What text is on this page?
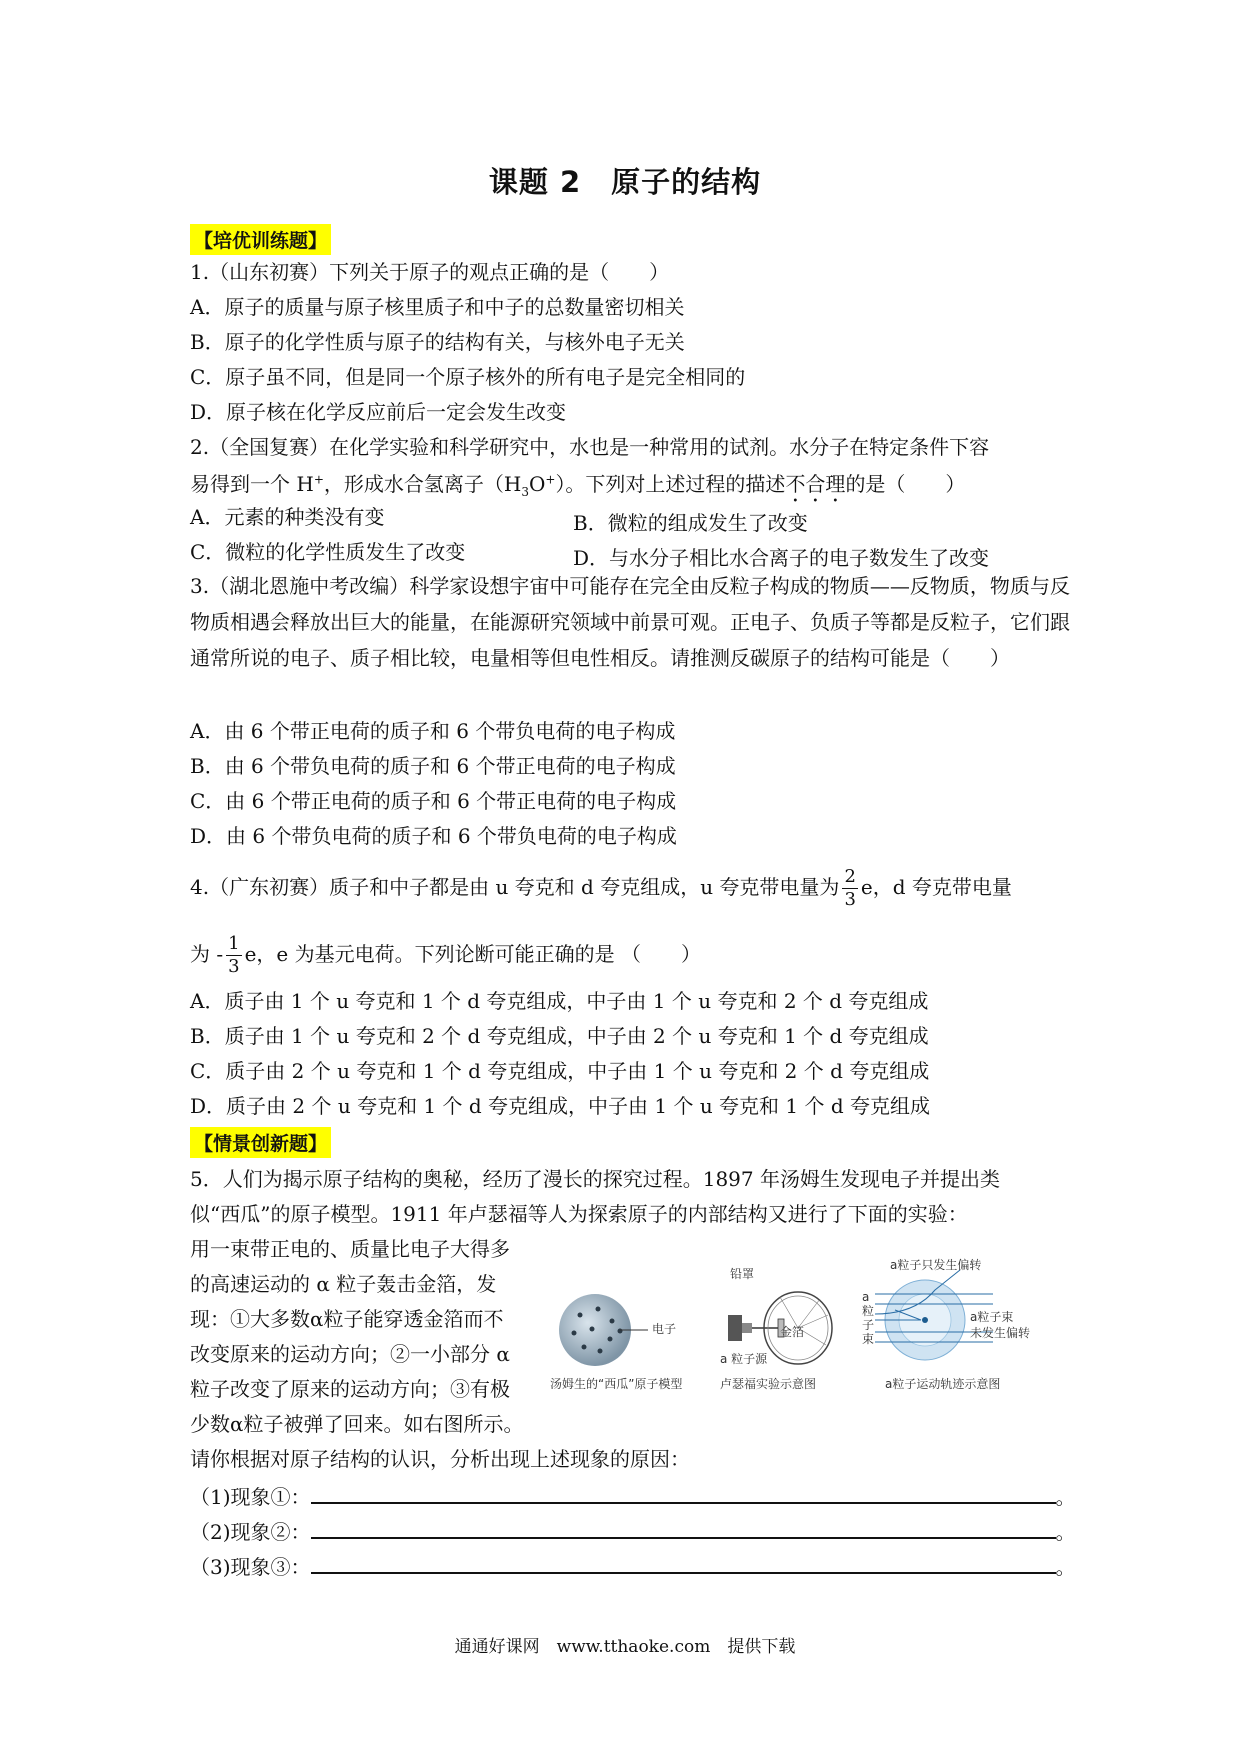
课题 2　原子的结构
【培优训练题】
1.（山东初赛）下列关于原子的观点正确的是（　　）
A．原子的质量与原子核里质子和中子的总数量密切相关
B．原子的化学性质与原子的结构有关，与核外电子无关
C．原子虽不同，但是同一个原子核外的所有电子是完全相同的
D．原子核在化学反应前后一定会发生改变
2.（全国复赛）在化学实验和科学研究中，水也是一种常用的试剂。水分子在特定条件下容
易得到一个 H+，形成水合氢离子$(H_3O^+)$。下列对上述过程的描述不合理的是（　　）
A．元素的种类没有变	B．微粒的组成发生了改变
C．微粒的化学性质发生了改变	D．与水分子相比水合离子的电子数发生了改变
3.（湖北恩施中考改编）科学家设想宇宙中可能存在完全由反粒子构成的物质——反物质，物质与反物质相遇会释放出巨大的能量，在能源研究领域中前景可观。正电子、负质子等都是反粒子，它们跟通常所说的电子、质子相比较，电量相等但电性相反。请推测反碳原子的结构可能是（　　）
A．由 6 个带正电荷的质子和 6 个带负电荷的电子构成
B．由 6 个带负电荷的质子和 6 个带正电荷的电子构成
C．由 6 个带正电荷的质子和 6 个带正电荷的电子构成
D．由 6 个带负电荷的质子和 6 个带负电荷的电子构成
4.（广东初赛）质子和中子都是由 u 夸克和 d 夸克组成，u 夸克带电量为 $\frac{2}{3}$ e，d 夸克带电量
为 - $\frac{1}{3}$ e，e 为基元电荷。下列论断可能正确的是 （　　）
A．质子由 1 个 u 夸克和 1 个 d 夸克组成，中子由 1 个 u 夸克和 2 个 d 夸克组成
B．质子由 1 个 u 夸克和 2 个 d 夸克组成，中子由 2 个 u 夸克和 1 个 d 夸克组成
C．质子由 2 个 u 夸克和 1 个 d 夸克组成，中子由 1 个 u 夸克和 2 个 d 夸克组成
D．质子由 2 个 u 夸克和 1 个 d 夸克组成，中子由 1 个 u 夸克和 1 个 d 夸克组成
【情景创新题】
5．人们为揭示原子结构的奥秘，经历了漫长的探究过程。1897 年汤姆生发现电子并提出类
似“西瓜”的原子模型。1911 年卢瑟福等人为探索原子的内部结构又进行了下面的实验：
用一束带正电的、质量比电子大得多
的高速运动的 α 粒子轰击金箔，发
现：①大多数α粒子能穿透金箔而不
改变原来的运动方向；②一小部分 α
粒子改变了原来的运动方向；③有极
少数α粒子被弹了回来。如右图所示。
电子
汤姆生的“西瓜”原子模型
铅罩
金箔
a 粒子源
卢瑟福实验示意图
a粒子只发生偏转
a粒子束
a粒子束
未发生偏转
a粒子运动轨迹示意图
请你根据对原子结构的认识，分析出现上述现象的原因：
（1)现象①：	。
（2)现象②：	。
（3)现象③：	。
通通好课网　www.tthaoke.com　提供下载
